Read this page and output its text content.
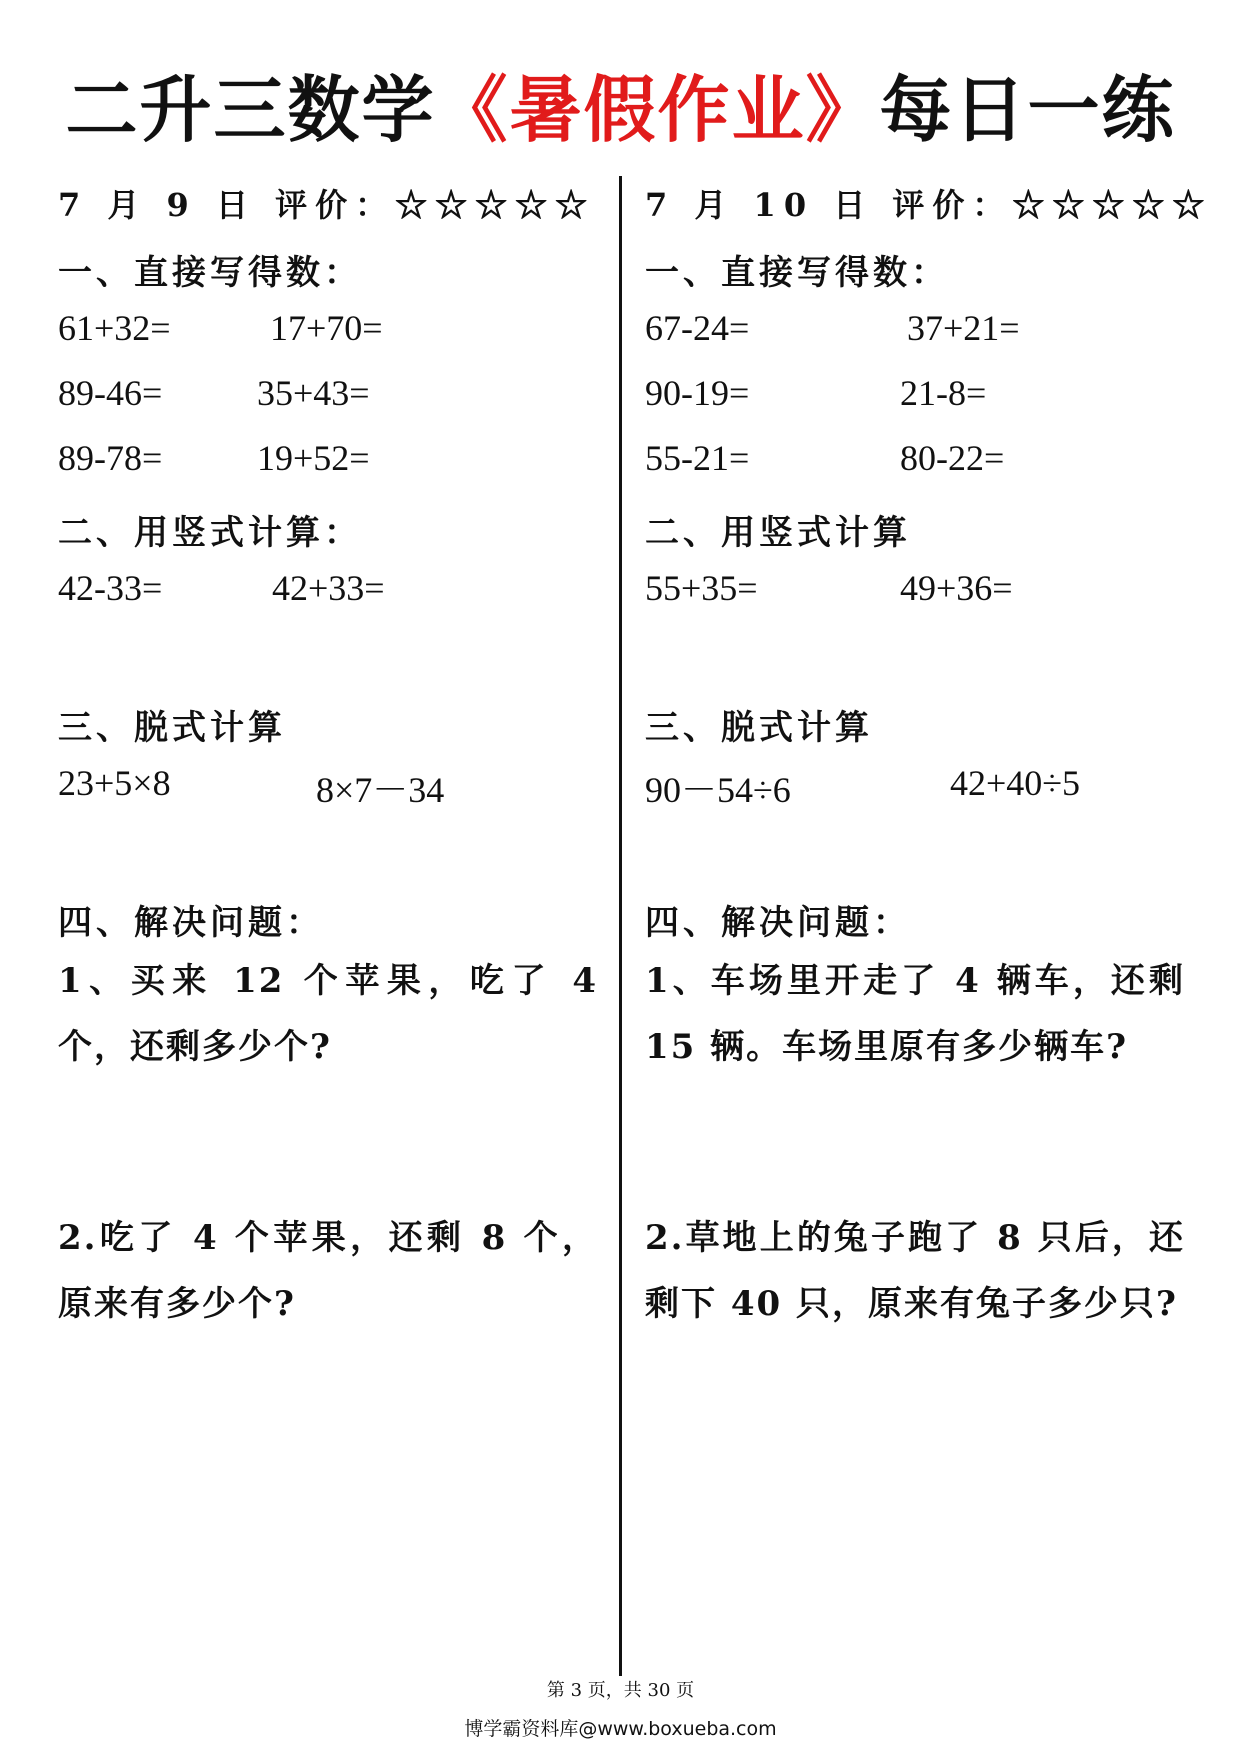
二升三数学《暑假作业》每日一练
7 月 9 日 评价：☆☆☆☆☆
一、直接写得数：
61+32=	17+70=
89-46=	35+43=
89-78=	19+52=
二、用竖式计算：
42-33=	42+33=
三、脱式计算
23+5×8	8×7－34
四、解决问题：
1、买来 12 个苹果，吃了 4 个，还剩多少个?
2.吃了 4 个苹果，还剩 8 个，原来有多少个?
7 月 10 日 评价：☆☆☆☆☆
一、直接写得数：
67-24=	37+21=
90-19=	21-8=
55-21=	80-22=
二、用竖式计算
55+35=	49+36=
三、脱式计算
90－54÷6	42+40÷5
四、解决问题：
1、车场里开走了 4 辆车，还剩 15 辆。车场里原有多少辆车?
2.草地上的兔子跑了 8 只后，还剩下 40 只，原来有兔子多少只?
第 3 页，共 30 页
博学霸资料库@www.boxueba.com
